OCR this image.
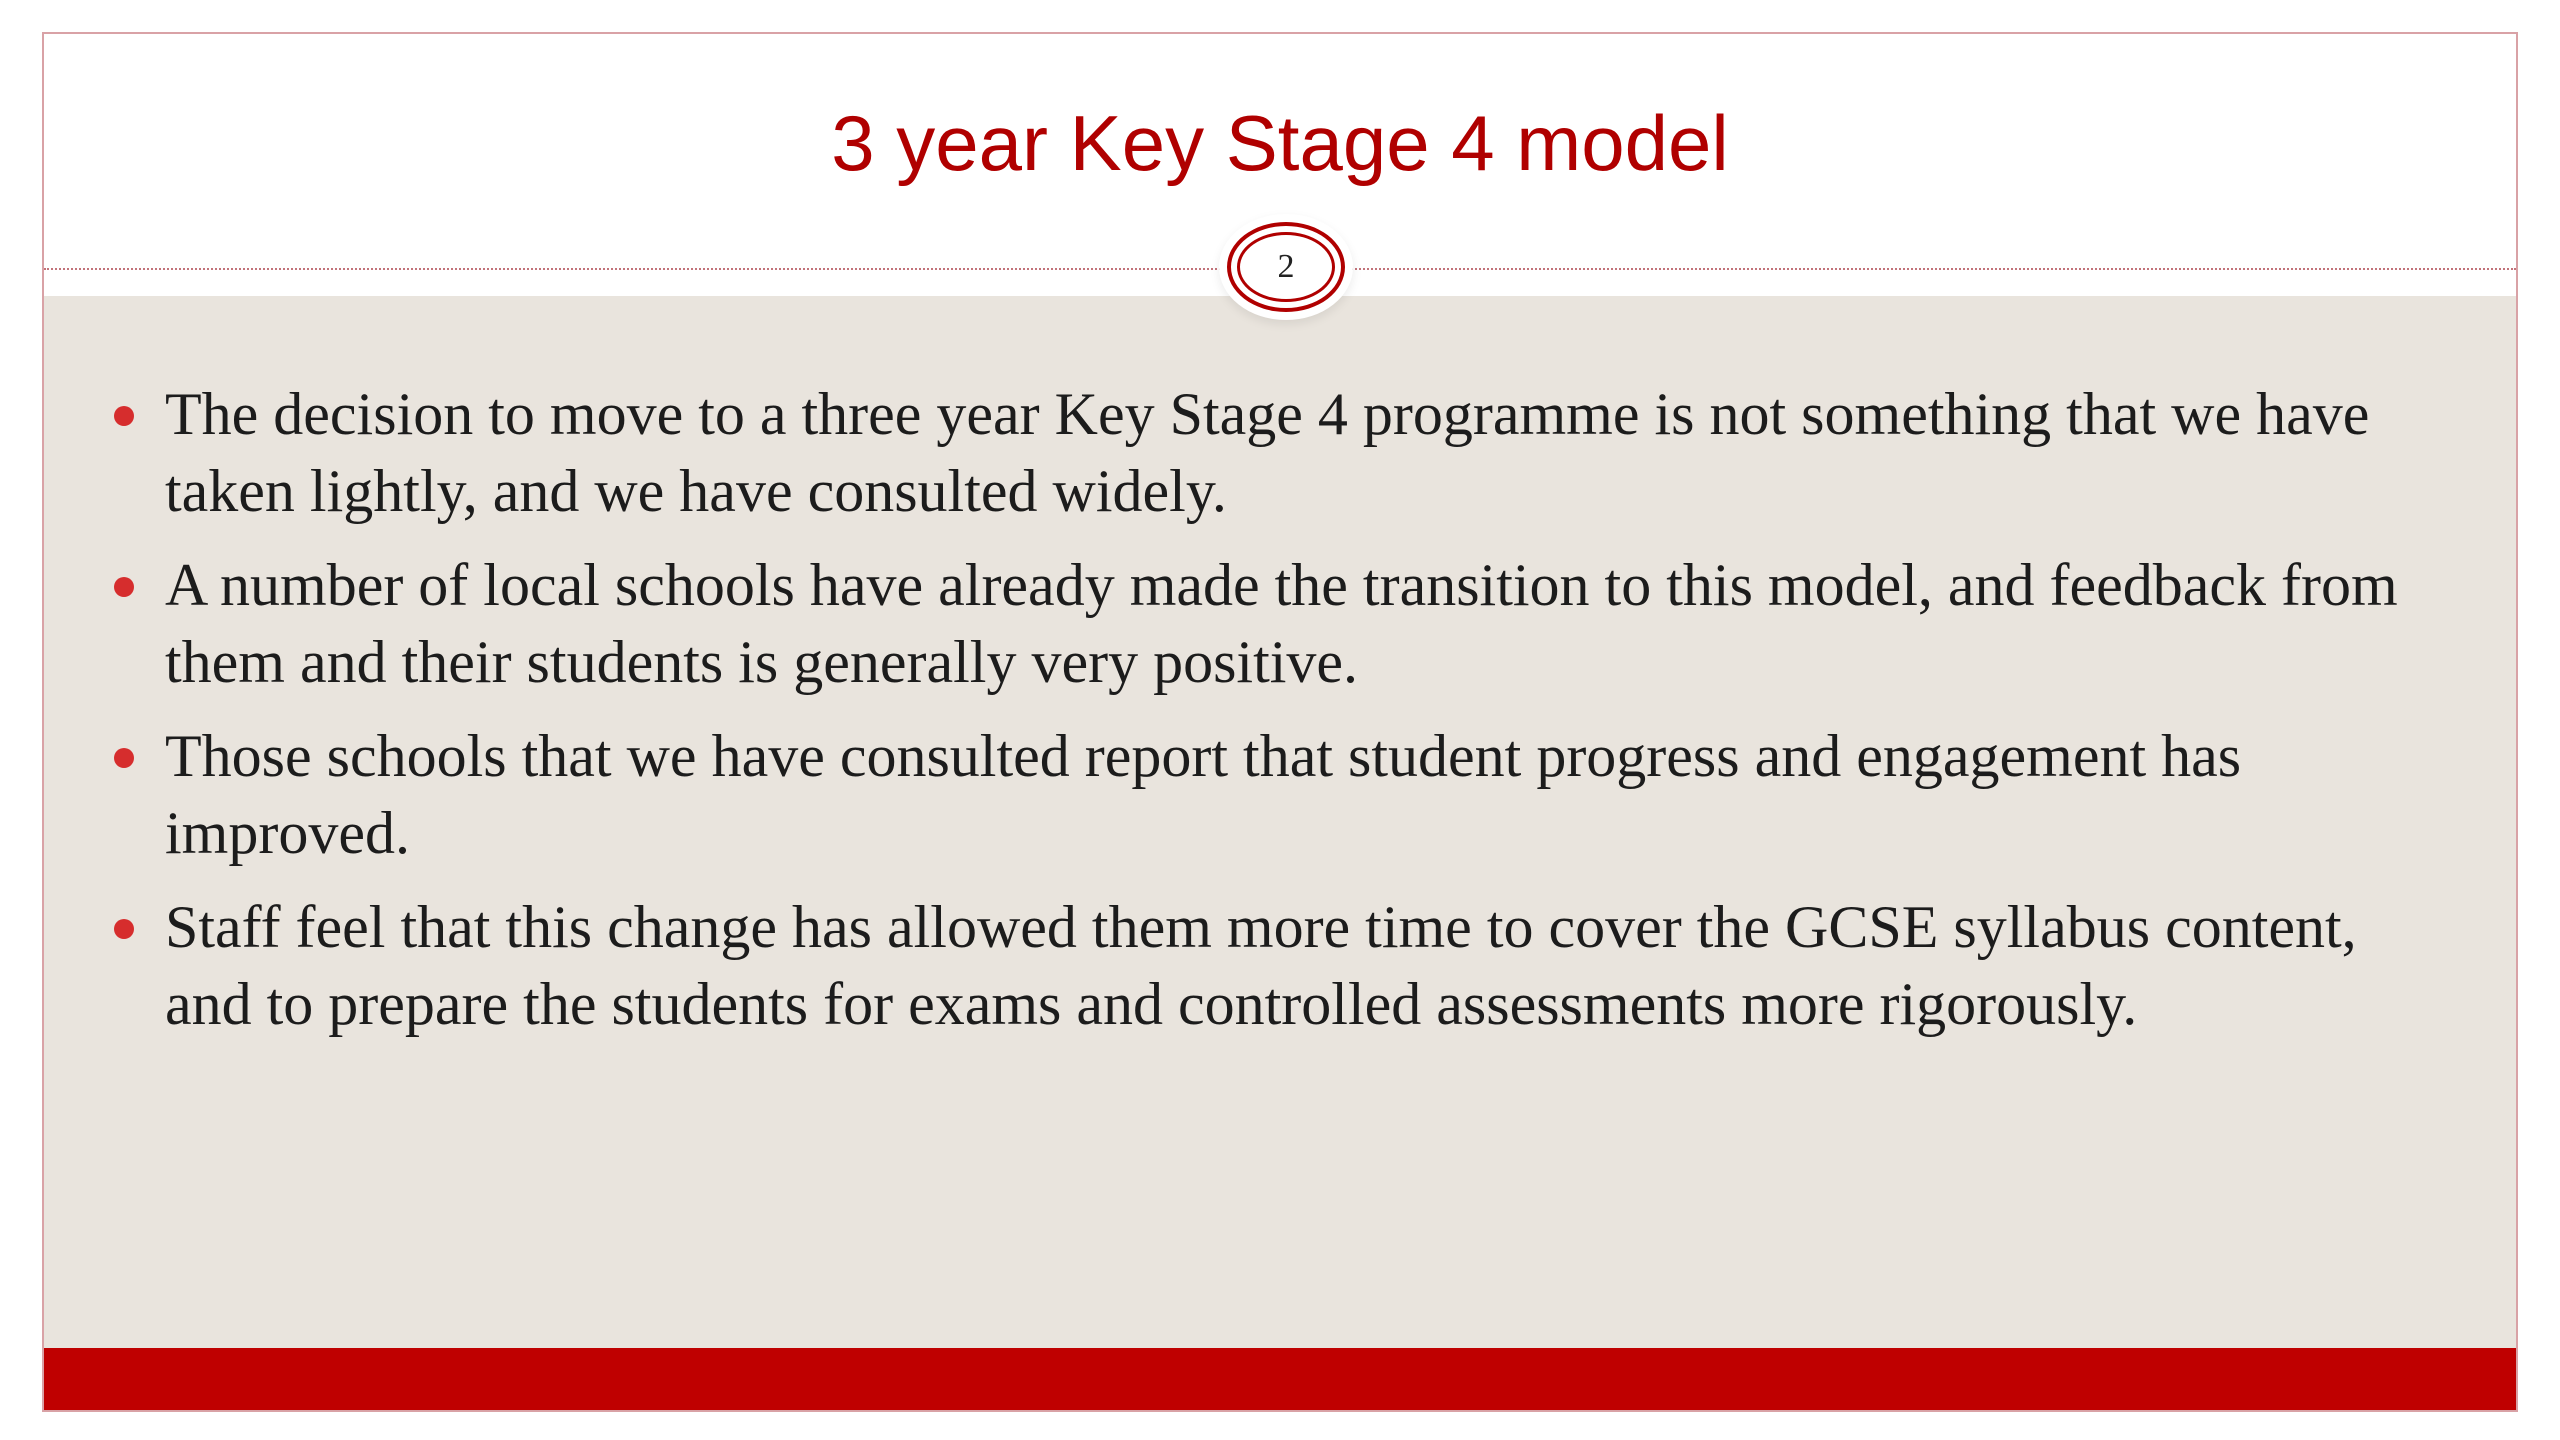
3 year Key Stage 4 model
2
The decision to move to a three year Key Stage 4 programme is not something that we have taken lightly, and we have consulted widely.
A number of local schools have already made the transition to this model, and feedback from them and their students is generally very positive.
Those schools that we have consulted report that student progress and engagement has improved.
Staff feel that this change has allowed them more time to cover the GCSE syllabus content, and to prepare the students for exams and controlled assessments more rigorously.
